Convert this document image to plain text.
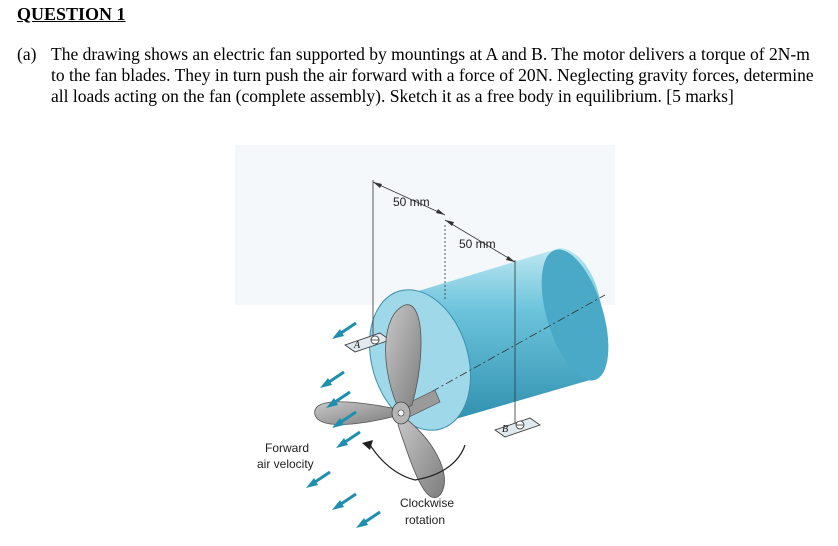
QUESTION 1
(a) The drawing shows an electric fan supported by mountings at A and B. The motor delivers a torque of 2N-m to the fan blades. They in turn push the air forward with a force of 20N. Neglecting gravity forces, determine all loads acting on the fan (complete assembly). Sketch it as a free body in equilibrium. [5 marks]
50 mm
50 mm
A
B
Forward
air velocity
Clockwise
rotation
